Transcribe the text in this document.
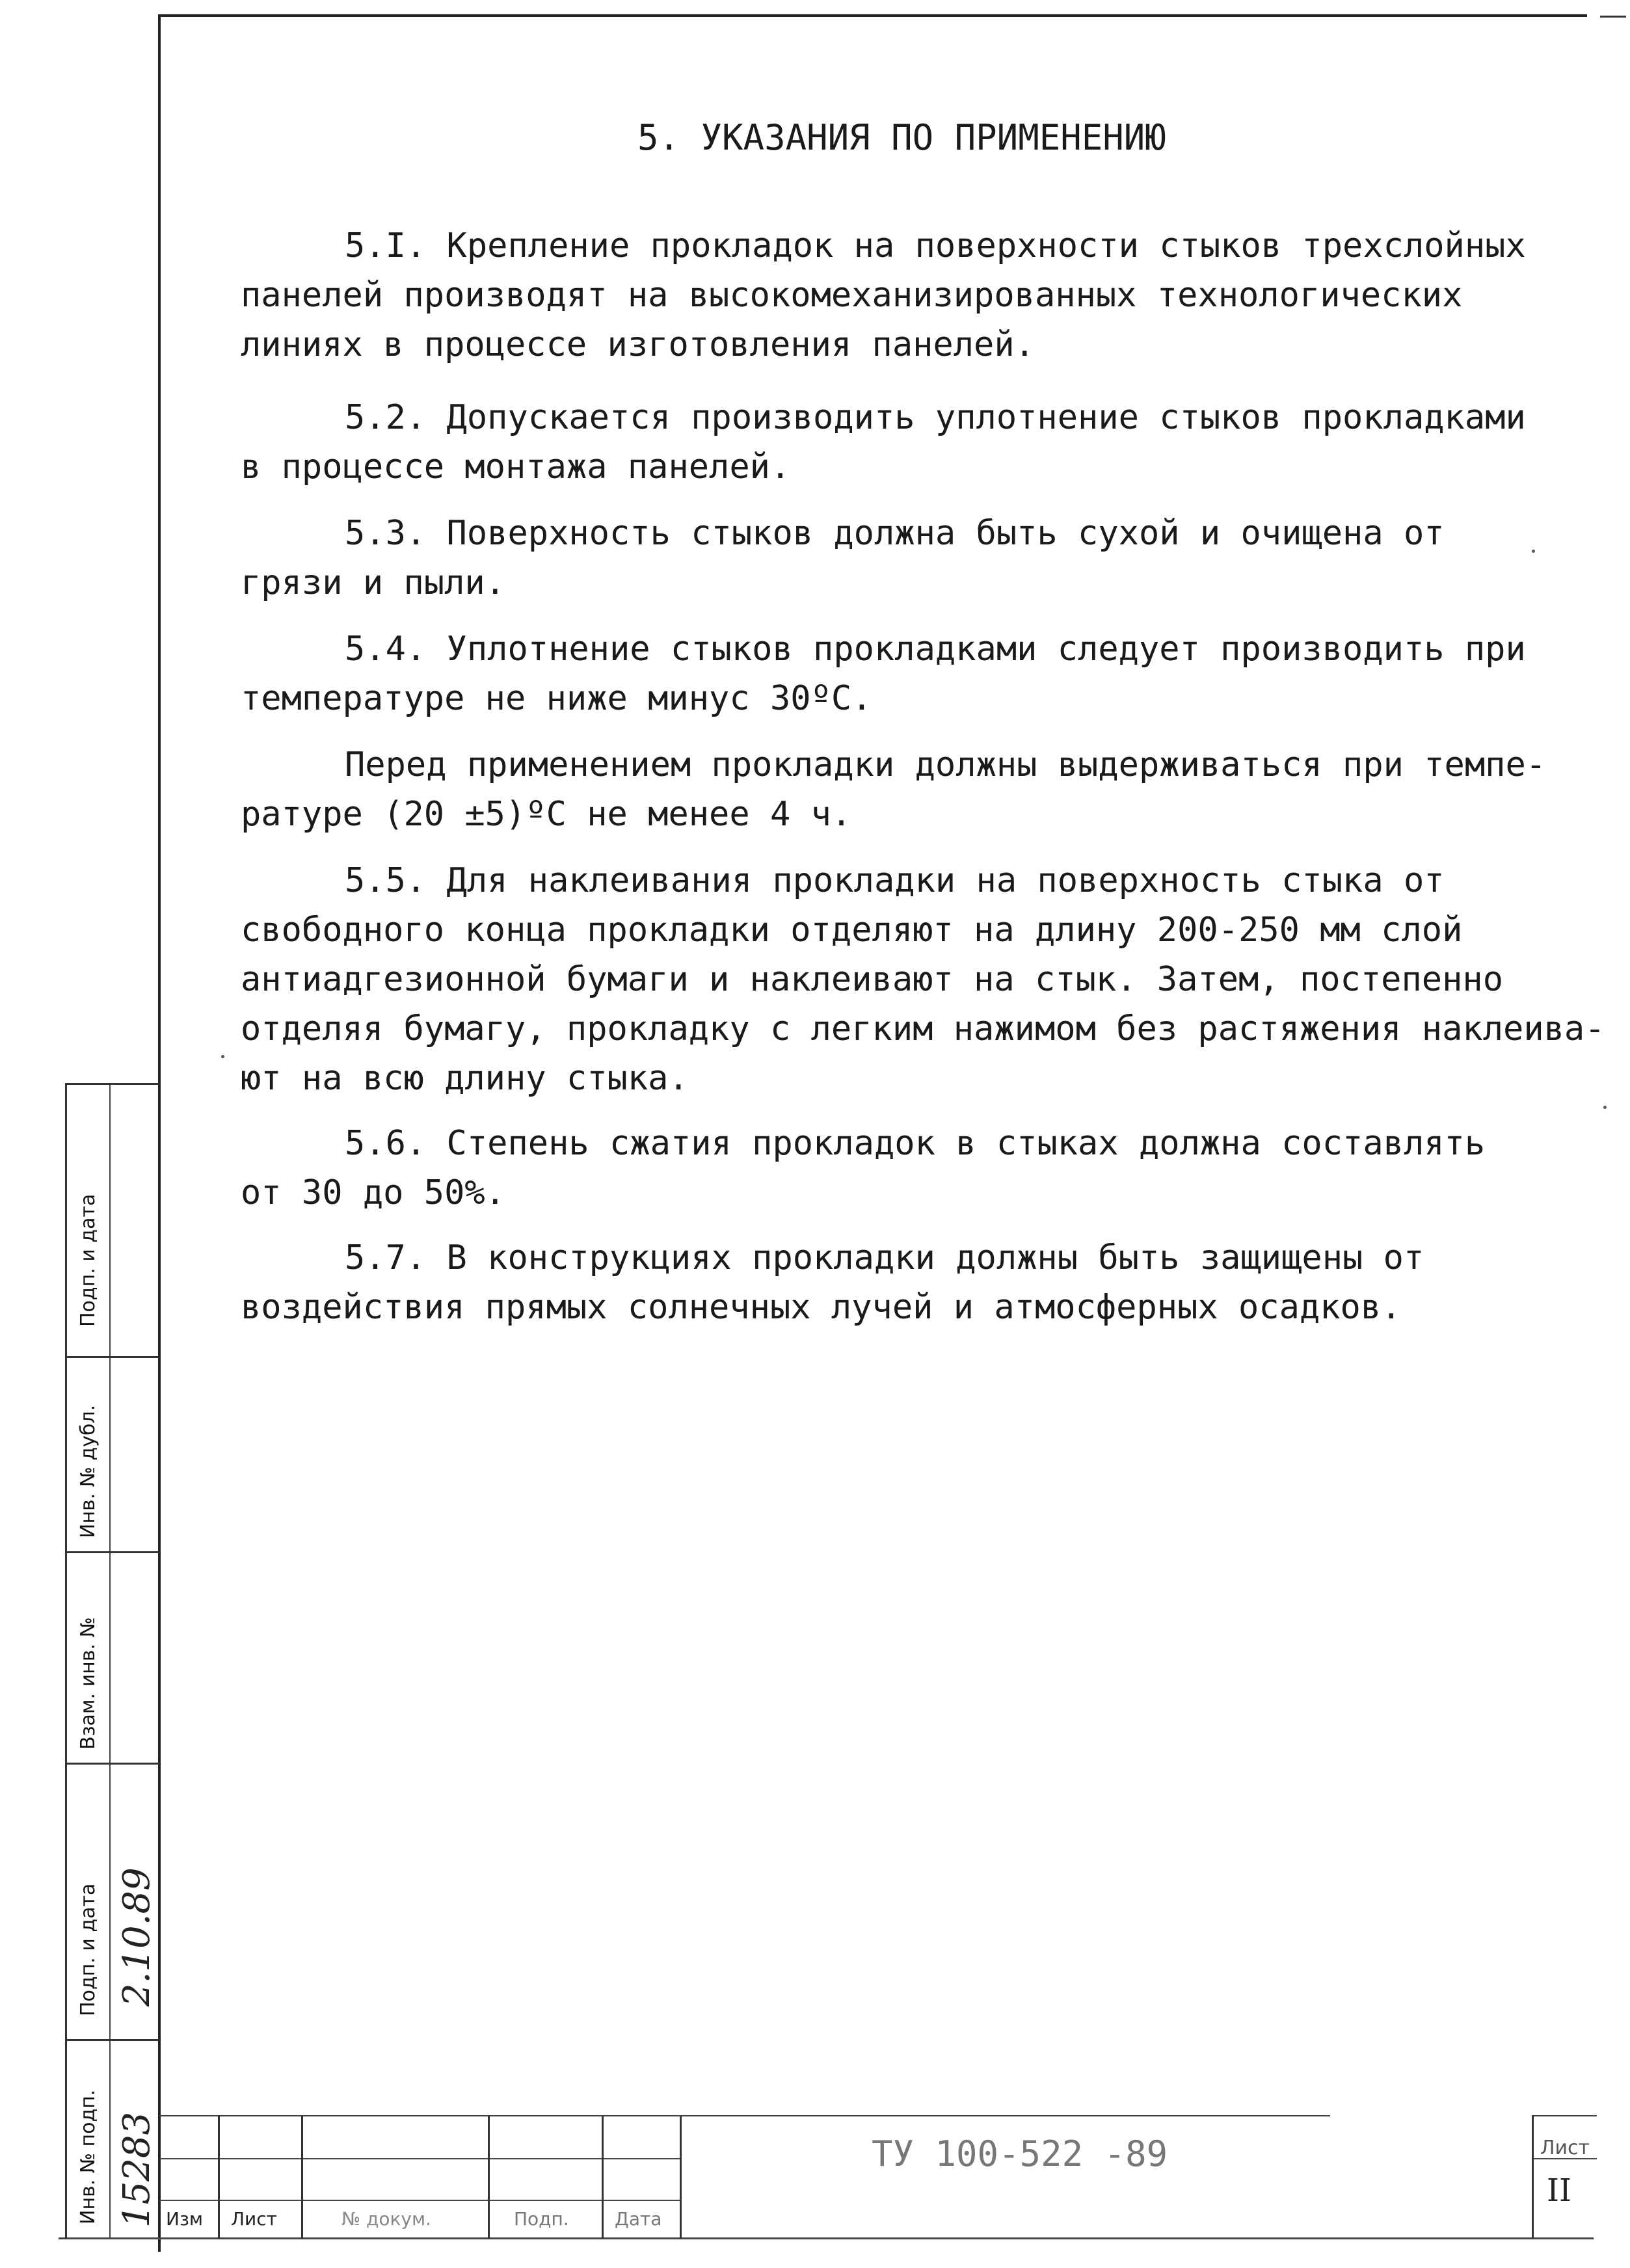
5. УКАЗАНИЯ ПО ПРИМЕНЕНИЮ
5.I. Крепление прокладок на поверхности стыков трехслойных
панелей производят на высокомеханизированных технологических
линиях в процессе изготовления панелей.
5.2. Допускается производить уплотнение стыков прокладками
в процессе монтажа панелей.
5.3. Поверхность стыков должна быть сухой и очищена от
грязи и пыли.
5.4. Уплотнение стыков прокладками следует производить при
температуре не ниже минус 30ºС.
Перед применением прокладки должны выдерживаться при темпе-
ратуре (20 ±5)ºС не менее 4 ч.
5.5. Для наклеивания прокладки на поверхность стыка от
свободного конца прокладки отделяют на длину 200-250 мм слой
антиадгезионной бумаги и наклеивают на стык. Затем, постепенно
отделяя бумагу, прокладку с легким нажимом без растяжения наклеива-
ют на всю длину стыка.
5.6. Степень сжатия прокладок в стыках должна составлять
от 30 до 50%.
5.7. В конструкциях прокладки должны быть защищены от
воздействия прямых солнечных лучей и атмосферных осадков.
Подп. и дата
Инв. № дубл.
Взам. инв. №
Подп. и дата
Инв. № подп.
2.10.89
15283 Изм Лист	№ докум.	Подп.	Дата
ТУ 100-522 -89	Лист
II
